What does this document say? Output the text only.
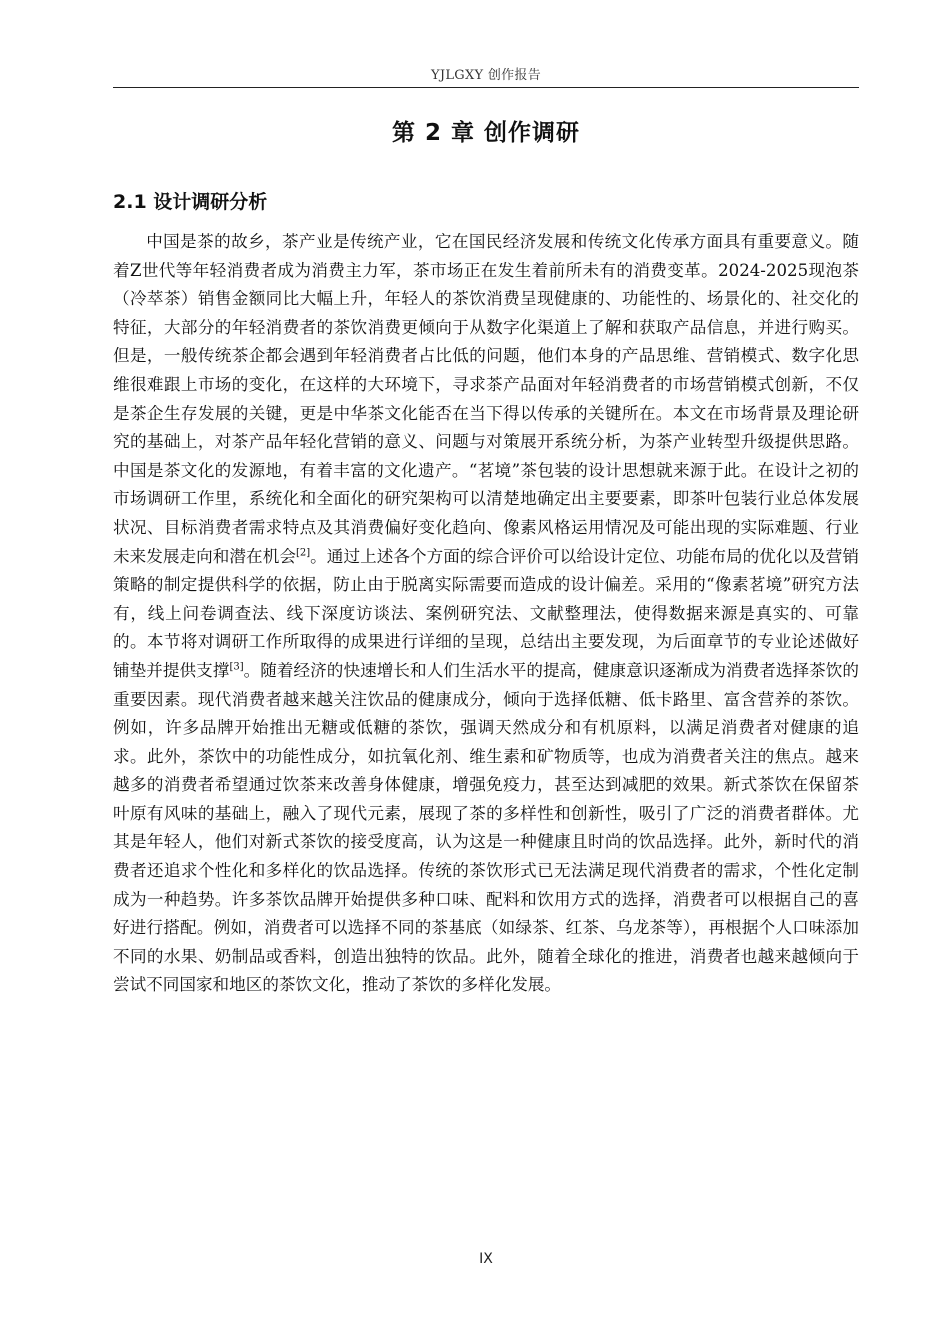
YJLGXY 创作报告
第 2 章 创作调研
2.1 设计调研分析

中国是茶的故乡，茶产业是传统产业，它在国民经济发展和传统文化传承方面具有重要意义。随着Z世代等年轻消费者成为消费主力军，茶市场正在发生着前所未有的消费变革。2024-2025现泡茶（冷萃茶）销售金额同比大幅上升，年轻人的茶饮消费呈现健康的、功能性的、场景化的、社交化的特征，大部分的年轻消费者的茶饮消费更倾向于从数字化渠道上了解和获取产品信息，并进行购买。但是，一般传统茶企都会遇到年轻消费者占比低的问题，他们本身的产品思维、营销模式、数字化思维很难跟上市场的变化，在这样的大环境下，寻求茶产品面对年轻消费者的市场营销模式创新，不仅是茶企生存发展的关键，更是中华茶文化能否在当下得以传承的关键所在。本文在市场背景及理论研究的基础上，对茶产品年轻化营销的意义、问题与对策展开系统分析，为茶产业转型升级提供思路。中国是茶文化的发源地，有着丰富的文化遗产。“茗境”茶包装的设计思想就来源于此。在设计之初的市场调研工作里，系统化和全面化的研究架构可以清楚地确定出主要要素，即茶叶包装行业总体发展状况、目标消费者需求特点及其消费偏好变化趋向、像素风格运用情况及可能出现的实际难题、行业未来发展走向和潜在机会[2]。通过上述各个方面的综合评价可以给设计定位、功能布局的优化以及营销策略的制定提供科学的依据，防止由于脱离实际需要而造成的设计偏差。采用的“像素茗境”研究方法有，线上问卷调查法、线下深度访谈法、案例研究法、文献整理法，使得数据来源是真实的、可靠的。本节将对调研工作所取得的成果进行详细的呈现，总结出主要发现，为后面章节的专业论述做好铺垫并提供支撑[3]。随着经济的快速增长和人们生活水平的提高，健康意识逐渐成为消费者选择茶饮的重要因素。现代消费者越来越关注饮品的健康成分，倾向于选择低糖、低卡路里、富含营养的茶饮。例如，许多品牌开始推出无糖或低糖的茶饮，强调天然成分和有机原料，以满足消费者对健康的追求。此外，茶饮中的功能性成分，如抗氧化剂、维生素和矿物质等，也成为消费者关注的焦点。越来越多的消费者希望通过饮茶来改善身体健康，增强免疫力，甚至达到减肥的效果。新式茶饮在保留茶叶原有风味的基础上，融入了现代元素，展现了茶的多样性和创新性，吸引了广泛的消费者群体。尤其是年轻人，他们对新式茶饮的接受度高，认为这是一种健康且时尚的饮品选择。此外，新时代的消费者还追求个性化和多样化的饮品选择。传统的茶饮形式已无法满足现代消费者的需求，个性化定制成为一种趋势。许多茶饮品牌开始提供多种口味、配料和饮用方式的选择，消费者可以根据自己的喜好进行搭配。例如，消费者可以选择不同的茶基底（如绿茶、红茶、乌龙茶等），再根据个人口味添加不同的水果、奶制品或香料，创造出独特的饮品。此外，随着全球化的推进，消费者也越来越倾向于尝试不同国家和地区的茶饮文化，推动了茶饮的多样化发展。

IX
